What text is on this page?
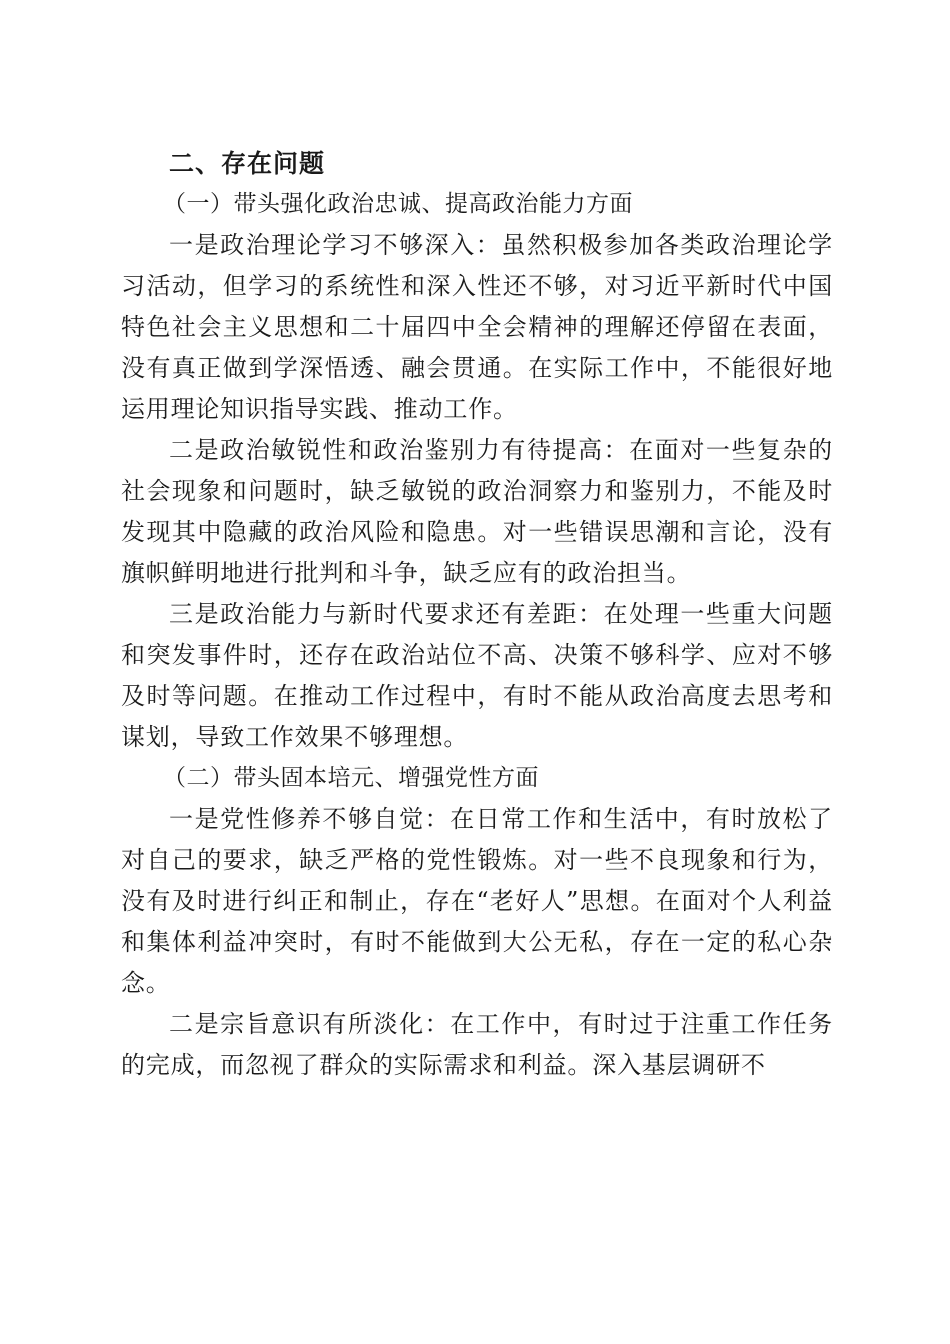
二、存在问题

（一）带头强化政治忠诚、提高政治能力方面

一是政治理论学习不够深入：虽然积极参加各类政治理论学习活动，但学习的系统性和深入性还不够，对习近平新时代中国特色社会主义思想和二十届四中全会精神的理解还停留在表面，没有真正做到学深悟透、融会贯通。在实际工作中，不能很好地运用理论知识指导实践、推动工作。

二是政治敏锐性和政治鉴别力有待提高：在面对一些复杂的社会现象和问题时，缺乏敏锐的政治洞察力和鉴别力，不能及时发现其中隐藏的政治风险和隐患。对一些错误思潮和言论，没有旗帜鲜明地进行批判和斗争，缺乏应有的政治担当。

三是政治能力与新时代要求还有差距：在处理一些重大问题和突发事件时，还存在政治站位不高、决策不够科学、应对不够及时等问题。在推动工作过程中，有时不能从政治高度去思考和谋划，导致工作效果不够理想。

（二）带头固本培元、增强党性方面

一是党性修养不够自觉：在日常工作和生活中，有时放松了对自己的要求，缺乏严格的党性锻炼。对一些不良现象和行为，没有及时进行纠正和制止，存在“老好人”思想。在面对个人利益和集体利益冲突时，有时不能做到大公无私，存在一定的私心杂念。

二是宗旨意识有所淡化：在工作中，有时过于注重工作任务的完成，而忽视了群众的实际需求和利益。深入基层调研不
